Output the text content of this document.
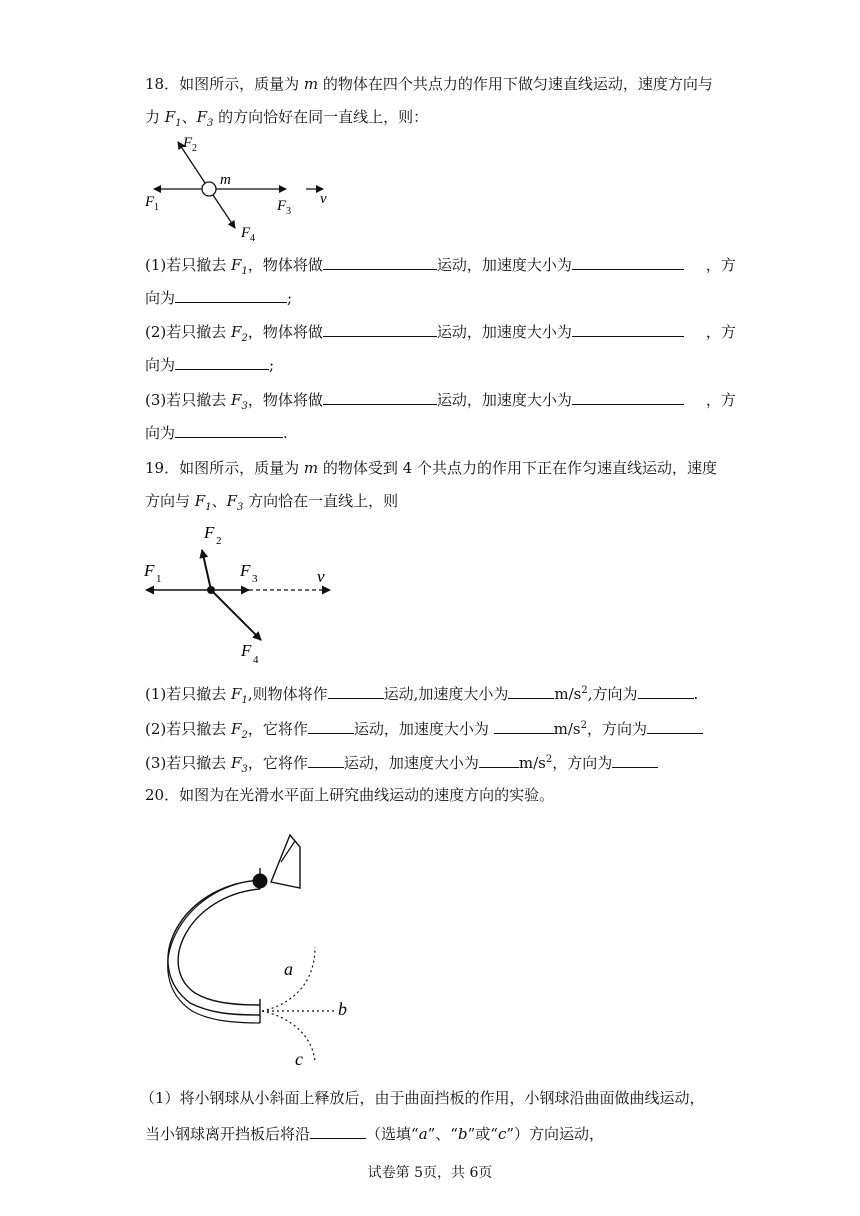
18．如图所示，质量为 m 的物体在四个共点力的作用下做匀速直线运动，速度方向与
力 $F_1$、$F_3$ 的方向恰好在同一直线上，则：
F 2
m
F 1	F 3
v
F 4
(1)若只撤去 $F_1$，物体将做	运动，加速度大小为	，方
向为	;
(2)若只撤去 $F_2$，物体将做	运动，加速度大小为	，方
向为	;
(3)若只撤去 $F_3$，物体将做	运动，加速度大小为	，方
向为	.
19．如图所示，质量为 m 的物体受到 4 个共点力的作用下正在作匀速直线运动，速度
方向与 $F_1$、$F_3$ 方向恰在一直线上，则
F 2
F 1	F 3	v
F 4
(1)若只撤去 $F_1$,则物体将作	运动,加速度大小为	$m/s^2$,方向为	.
(2)若只撤去 $F_2$，它将作	运动，加速度大小为	$m/s^2$，方向为
(3)若只撤去 $F_3$，它将作 运动，加速度大小为	$m/s^2$，方向为
20．如图为在光滑水平面上研究曲线运动的速度方向的实验。
a
b
c
（1）将小钢球从小斜面上释放后，由于曲面挡板的作用，小钢球沿曲面做曲线运动，
当小钢球离开挡板后将沿	（选填“a”、“b”或“c”）方向运动，
试卷第 5页，共 6页
